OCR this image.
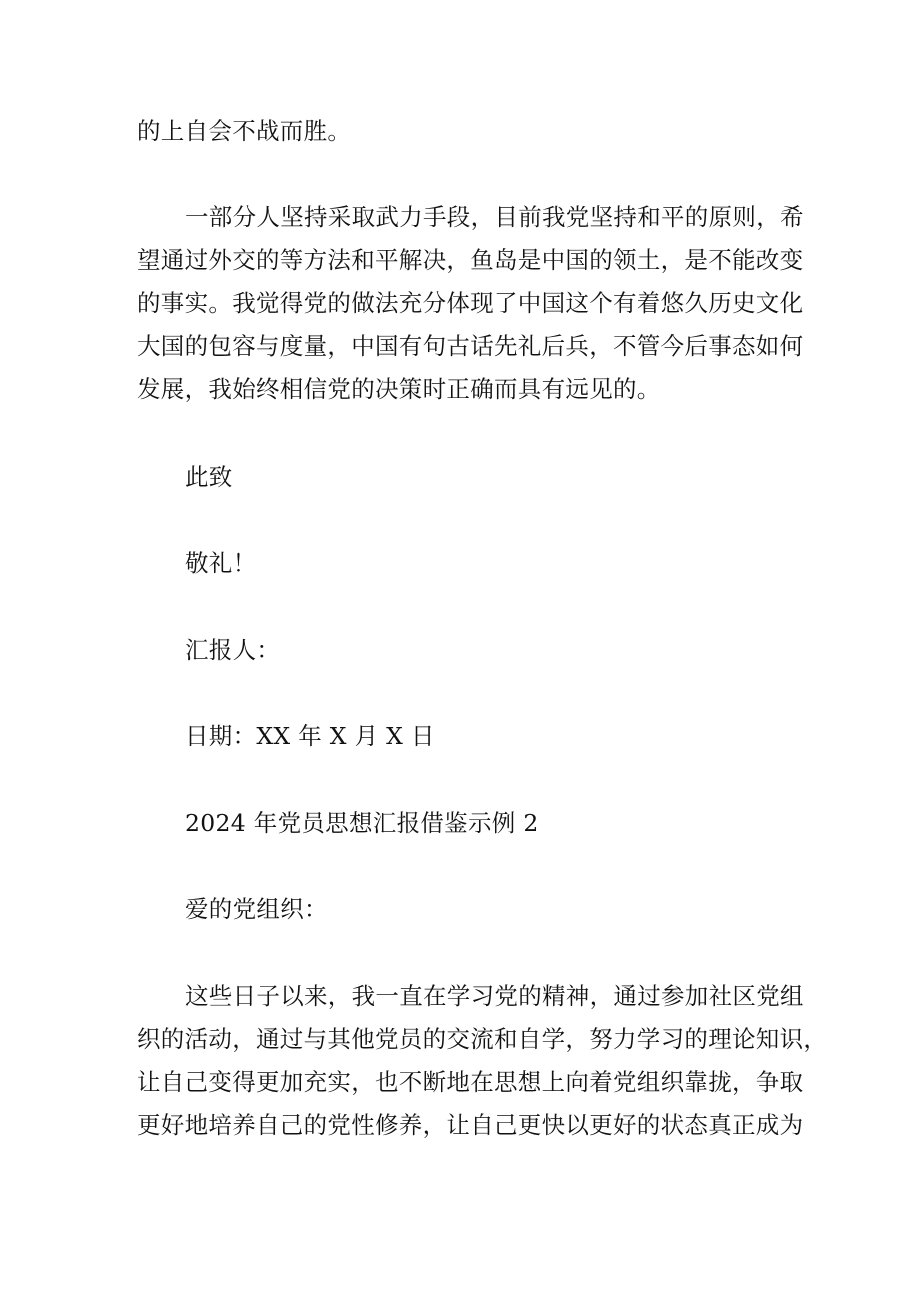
的上自会不战而胜。
一部分人坚持采取武力手段，目前我党坚持和平的原则，希
望通过外交的等方法和平解决，鱼岛是中国的领土，是不能改变
的事实。我觉得党的做法充分体现了中国这个有着悠久历史文化
大国的包容与度量，中国有句古话先礼后兵，不管今后事态如何
发展，我始终相信党的决策时正确而具有远见的。
此致
敬礼！
汇报人：
日期：XX 年 X 月 X 日
2024 年党员思想汇报借鉴示例 2
爱的党组织：
这些日子以来，我一直在学习党的精神，通过参加社区党组
织的活动，通过与其他党员的交流和自学，努力学习的理论知识，
让自己变得更加充实，也不断地在思想上向着党组织靠拢，争取
更好地培养自己的党性修养，让自己更快以更好的状态真正成为
